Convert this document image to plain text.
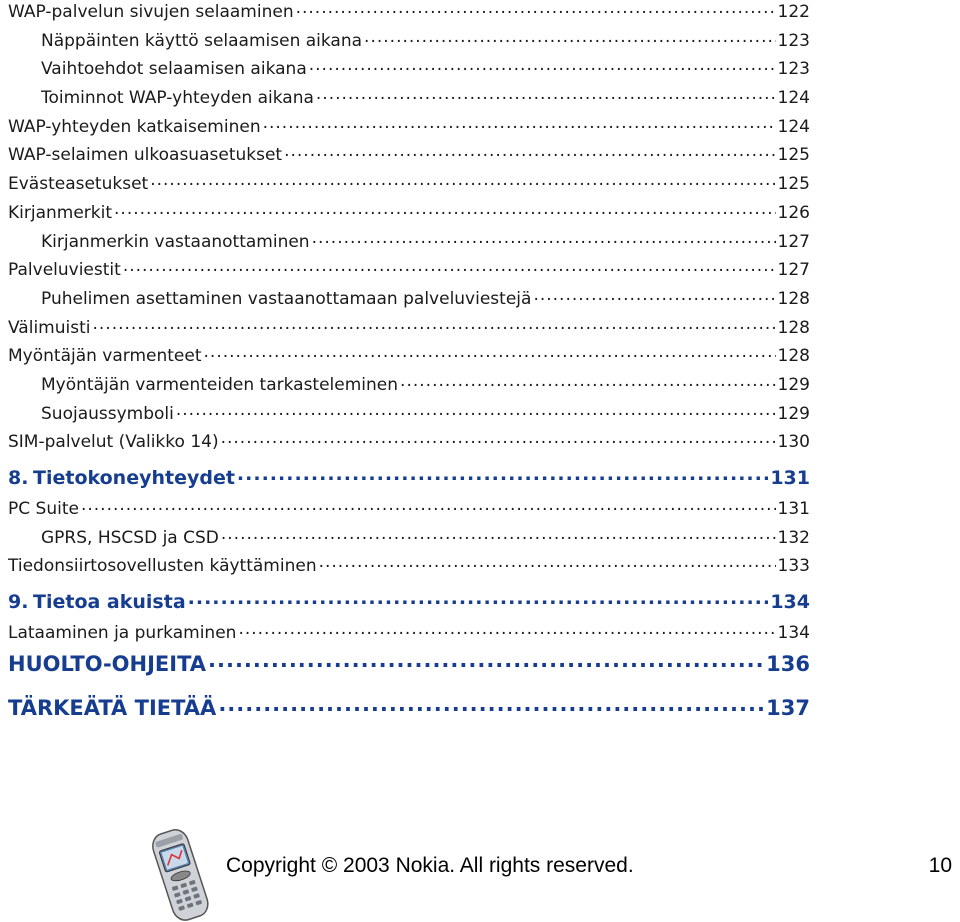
WAP-palvelun sivujen selaaminen .....	122
Näppäinten käyttö selaamisen aikana .....	123
Vaihtoehdot selaamisen aikana .....	123
Toiminnot WAP-yhteyden aikana .....	124
WAP-yhteyden katkaiseminen .....	124
WAP-selaimen ulkoasuasetukset .....	125
Evästeasetukset .....	125
Kirjanmerkit .....	126
Kirjanmerkin vastaanottaminen .....	127
Palveluviestit .....	127
Puhelimen asettaminen vastaanottamaan palveluviestejä .....	128
Välimuisti .....	128
Myöntäjän varmenteet .....	128
Myöntäjän varmenteiden tarkasteleminen .....	129
Suojaussymboli .....	129
SIM-palvelut (Valikko 14) .....	130
8. Tietokoneyhteydet .....	131
PC Suite .....	131
GPRS, HSCSD ja CSD .....	132
Tiedonsiirtosovellusten käyttäminen .....	133
9. Tietoa akuista .....	134
Lataaminen ja purkaminen .....	134
HUOLTO-OHJEITA .....	136
TÄRKEÄTÄ TIETÄÄ .....	137
Copyright © 2003 Nokia. All rights reserved.	10
